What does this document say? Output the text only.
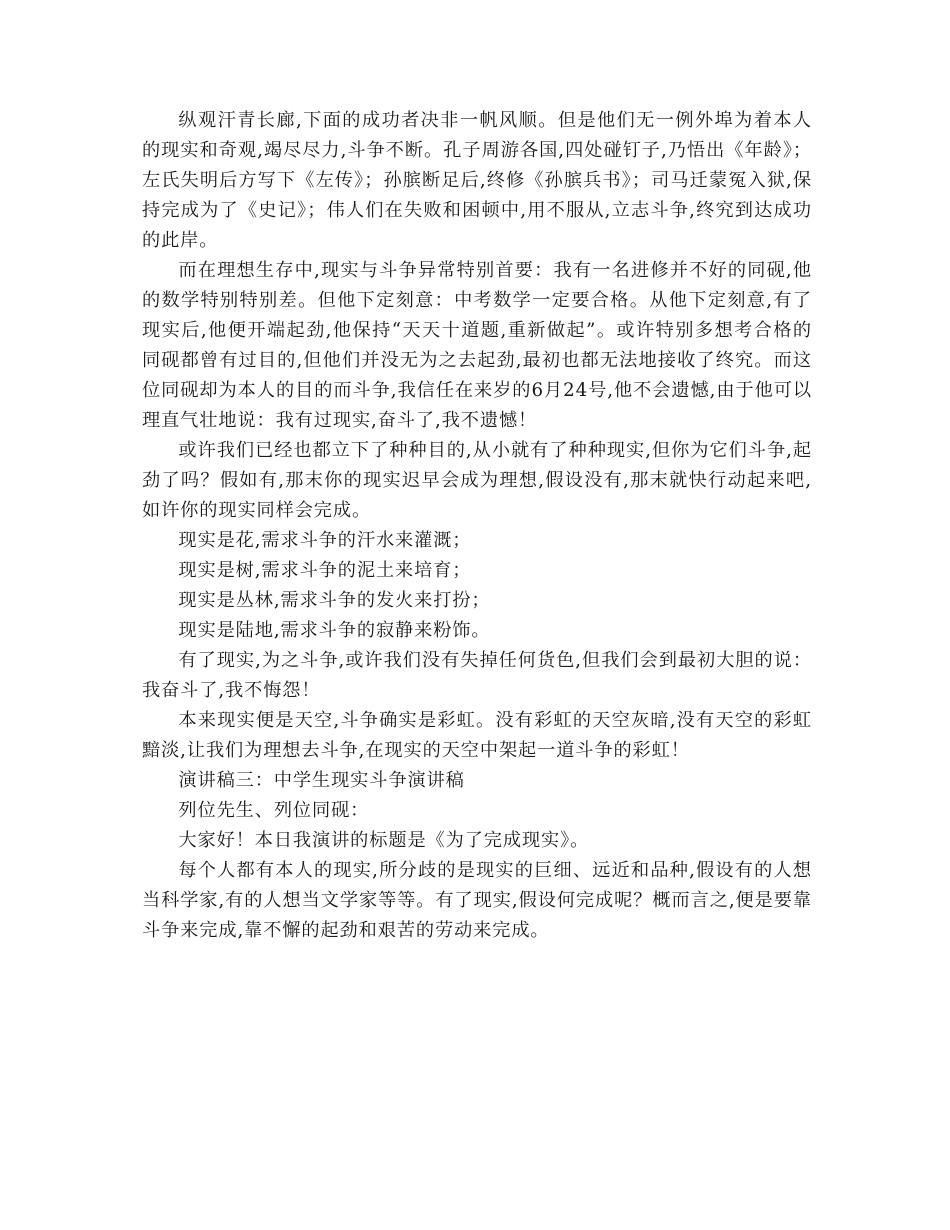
纵观汗青长廊,下面的成功者决非一帆风顺。但是他们无一例外埠为着本人的现实和奇观,竭尽尽力,斗争不断。孔子周游各国,四处碰钉子,乃悟出《年龄》；左氏失明后方写下《左传》；孙膑断足后,终修《孙膑兵书》；司马迁蒙冤入狱,保持完成为了《史记》；伟人们在失败和困顿中,用不服从,立志斗争,终究到达成功的此岸。

而在理想生存中,现实与斗争异常特别首要：我有一名进修并不好的同砚,他的数学特别特别差。但他下定刻意：中考数学一定要合格。从他下定刻意,有了现实后,他便开端起劲,他保持“天天十道题,重新做起”。或许特别多想考合格的同砚都曾有过目的,但他们并没无为之去起劲,最初也都无法地接收了终究。而这位同砚却为本人的目的而斗争,我信任在来岁的6月24号,他不会遗憾,由于他可以理直气壮地说：我有过现实,奋斗了,我不遗憾！

或许我们已经也都立下了种种目的,从小就有了种种现实,但你为它们斗争,起劲了吗？假如有,那末你的现实迟早会成为理想,假设没有,那末就快行动起来吧,如许你的现实同样会完成。

现实是花,需求斗争的汗水来灌溉；

现实是树,需求斗争的泥土来培育；

现实是丛林,需求斗争的发火来打扮；

现实是陆地,需求斗争的寂静来粉饰。

有了现实,为之斗争,或许我们没有失掉任何货色,但我们会到最初大胆的说：我奋斗了,我不悔怨！

本来现实便是天空,斗争确实是彩虹。没有彩虹的天空灰暗,没有天空的彩虹黯淡,让我们为理想去斗争,在现实的天空中架起一道斗争的彩虹！

演讲稿三：中学生现实斗争演讲稿

列位先生、列位同砚：

大家好！本日我演讲的标题是《为了完成现实》。

每个人都有本人的现实,所分歧的是现实的巨细、远近和品种,假设有的人想当科学家,有的人想当文学家等等。有了现实,假设何完成呢？概而言之,便是要靠斗争来完成,靠不懈的起劲和艰苦的劳动来完成。
